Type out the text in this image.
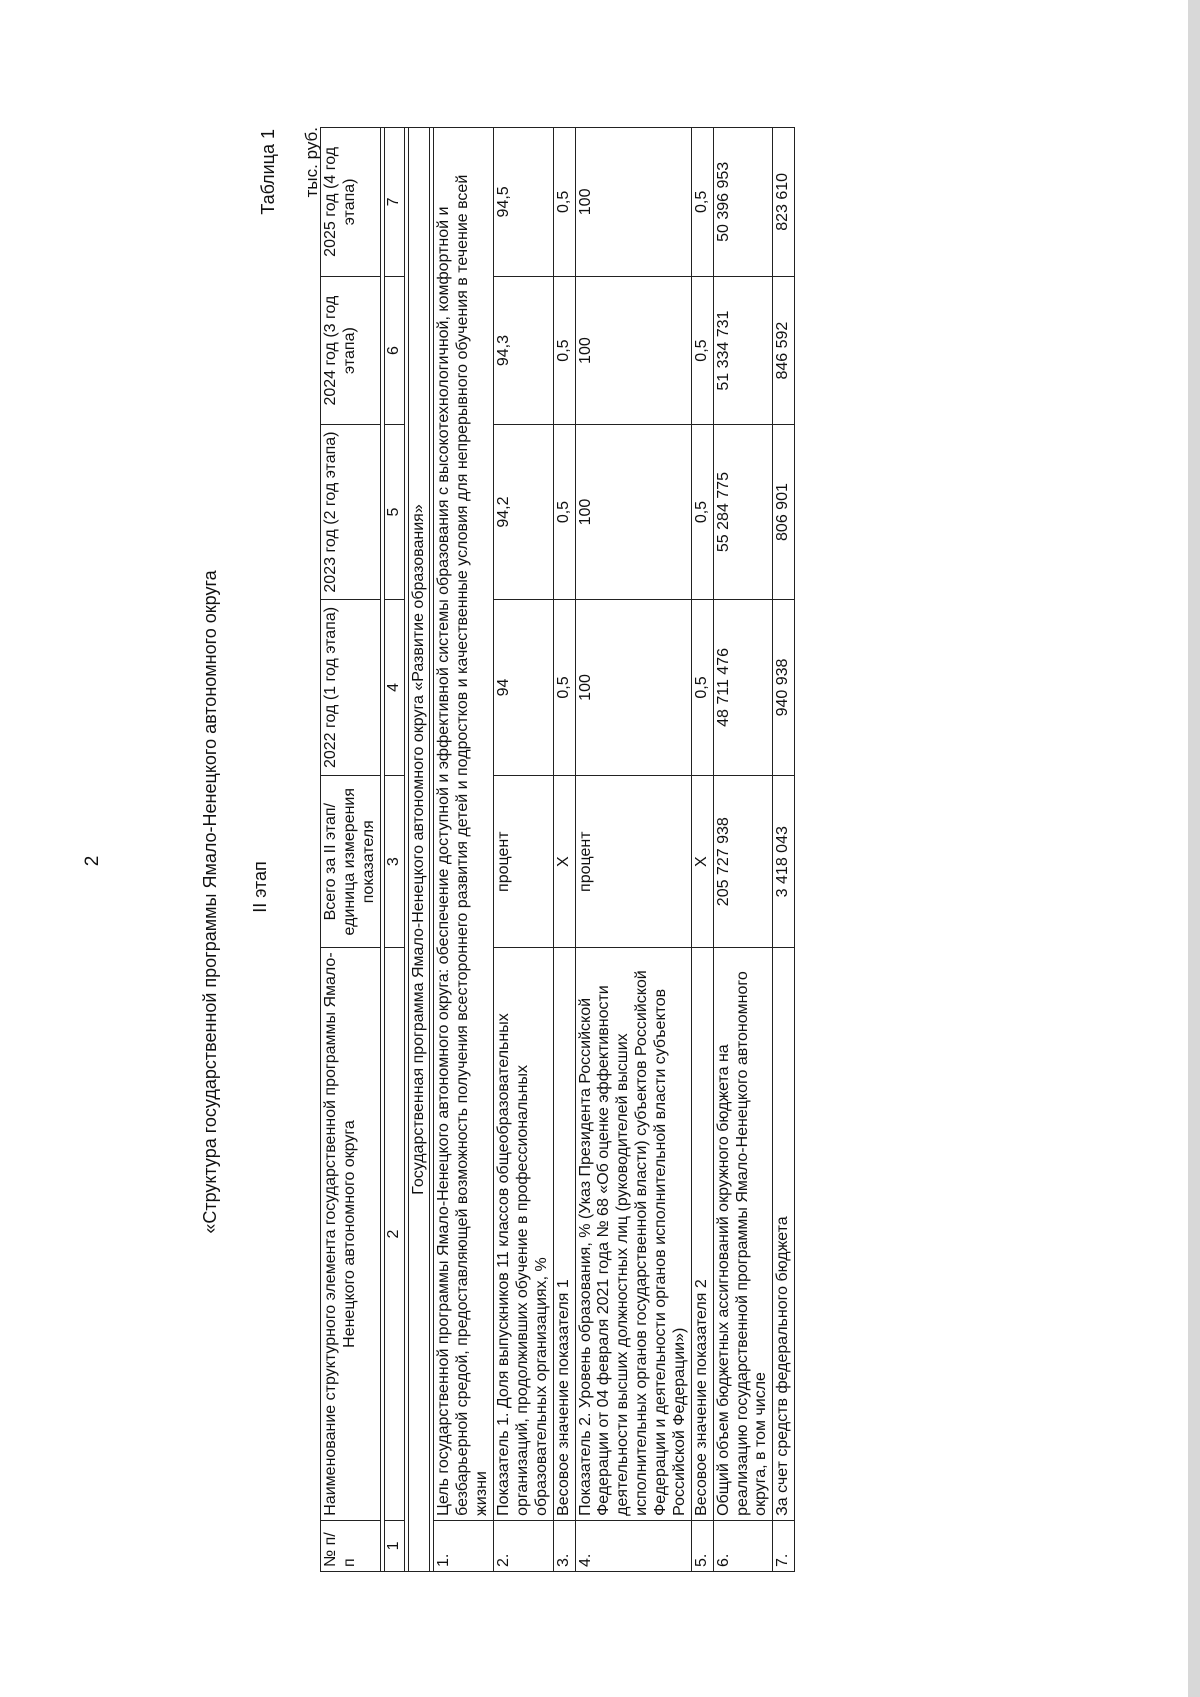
2	«Структура государственной программы Ямало-Ненецкого автономного округа II этап
Таблица 1 тыс. руб.
№ п/п	Наименование структурного элемента государственной программы Ямало-Ненецкого автономного округа	Всего за II этап/ единица измерения показателя	2022 год (1 год этапа)	2023 год (2 год этапа)	2024 год (3 год этапа)	2025 год (4 год этапа)

1	2	3	4	5	6	7

Государственная программа Ямало-Ненецкого автономного округа «Развитие образования»						

1.	Цель государственной программы Ямало-Ненецкого автономного округа: обеспечение доступной и эффективной системы образования с высокотехнологичной, комфортной и безбарьерной средой, предоставляющей возможность получения всестороннего развития детей и подростков и качественные условия для непрерывного обучения в течение всей жизни					
2.	Показатель 1. Доля выпускников 11 классов общеобразовательных организаций, продолживших обучение в профессиональных образовательных организациях, %	процент	94	94,2	94,3	94,5
3.	Весовое значение показателя 1	X	0,5	0,5	0,5	0,5
4.	Показатель 2. Уровень образования, % (Указ Президента Российской Федерации от 04 февраля 2021 года № 68 «Об оценке эффективности деятельности высших должностных лиц (руководителей высших исполнительных органов государственной власти) субъектов Российской Федерации и деятельности органов исполнительной власти субъектов Российской Федерации»)	процент	100	100	100	100
5.	Весовое значение показателя 2	X	0,5	0,5	0,5	0,5
6.	Общий объем бюджетных ассигнований окружного бюджета на реализацию государственной программы Ямало-Ненецкого автономного округа, в том числе	205 727 938	48 711 476	55 284 775	51 334 731	50 396 953
7.	За счет средств федерального бюджета	3 418 043	940 938	806 901	846 592	823 610
